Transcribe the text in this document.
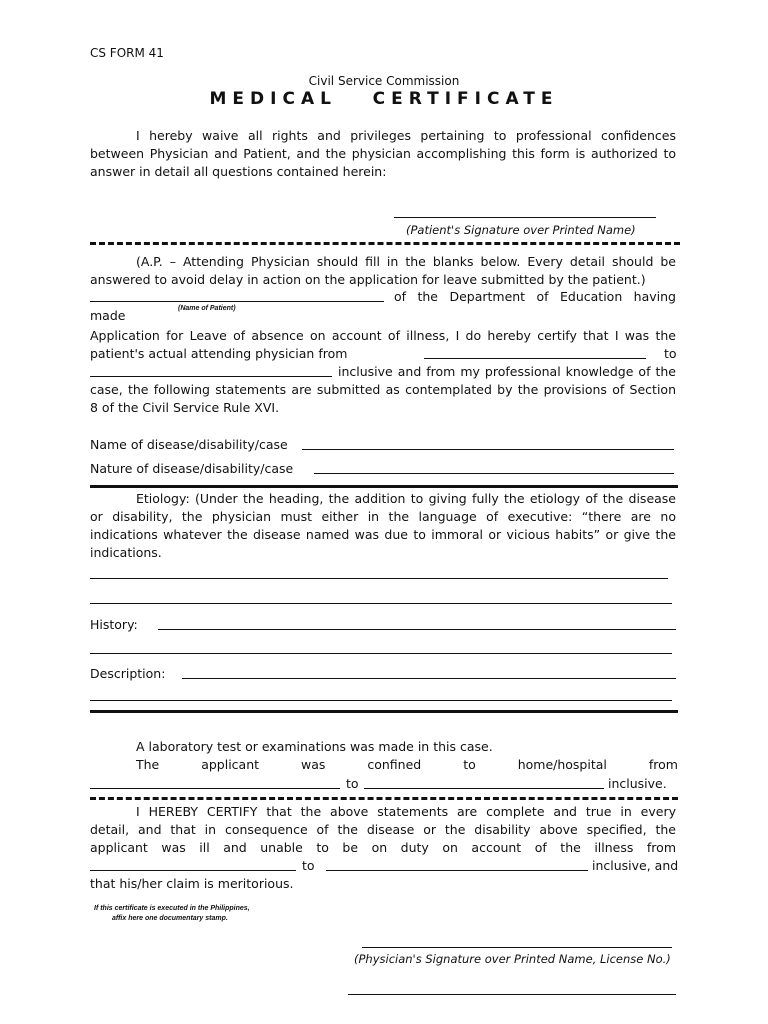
CS FORM 41
Civil Service Commission
MEDICAL   CERTIFICATE
I hereby waive all rights and privileges pertaining to professional confidences
between Physician and Patient, and the physician accomplishing this form is authorized to
answer in detail all questions contained herein:
(Patient's Signature over Printed Name)
(A.P. – Attending Physician should fill in the blanks below. Every detail should be
answered to avoid delay in action on the application for leave submitted by the patient.)
of the Department of Education having
(Name of Patient)
made
Application for Leave of absence on account of illness, I do hereby certify that I was the
patient's actual attending physician from	to
inclusive and from my professional knowledge of the
case, the following statements are submitted as contemplated by the provisions of Section
8 of the Civil Service Rule XVI.
Name of disease/disability/case
Nature of disease/disability/case
Etiology: (Under the heading, the addition to giving fully the etiology of the disease
or disability, the physician must either in the language of executive: “there are no
indications whatever the disease named was due to immoral or vicious habits” or give the
indications.
History:
Description:
A laboratory test or examinations was made in this case.
The	applicant	was	confined	to	home/hospital	from
to	inclusive.
I HEREBY CERTIFY that the above statements are complete and true in every
detail, and that in consequence of the disease or the disability above specified, the
applicant was ill and unable to be on duty on account of the illness from
to	inclusive, and
that his/her claim is meritorious.
If this certificate is executed in the Philippines,
affix here one documentary stamp.
(Physician's Signature over Printed Name, License No.)
